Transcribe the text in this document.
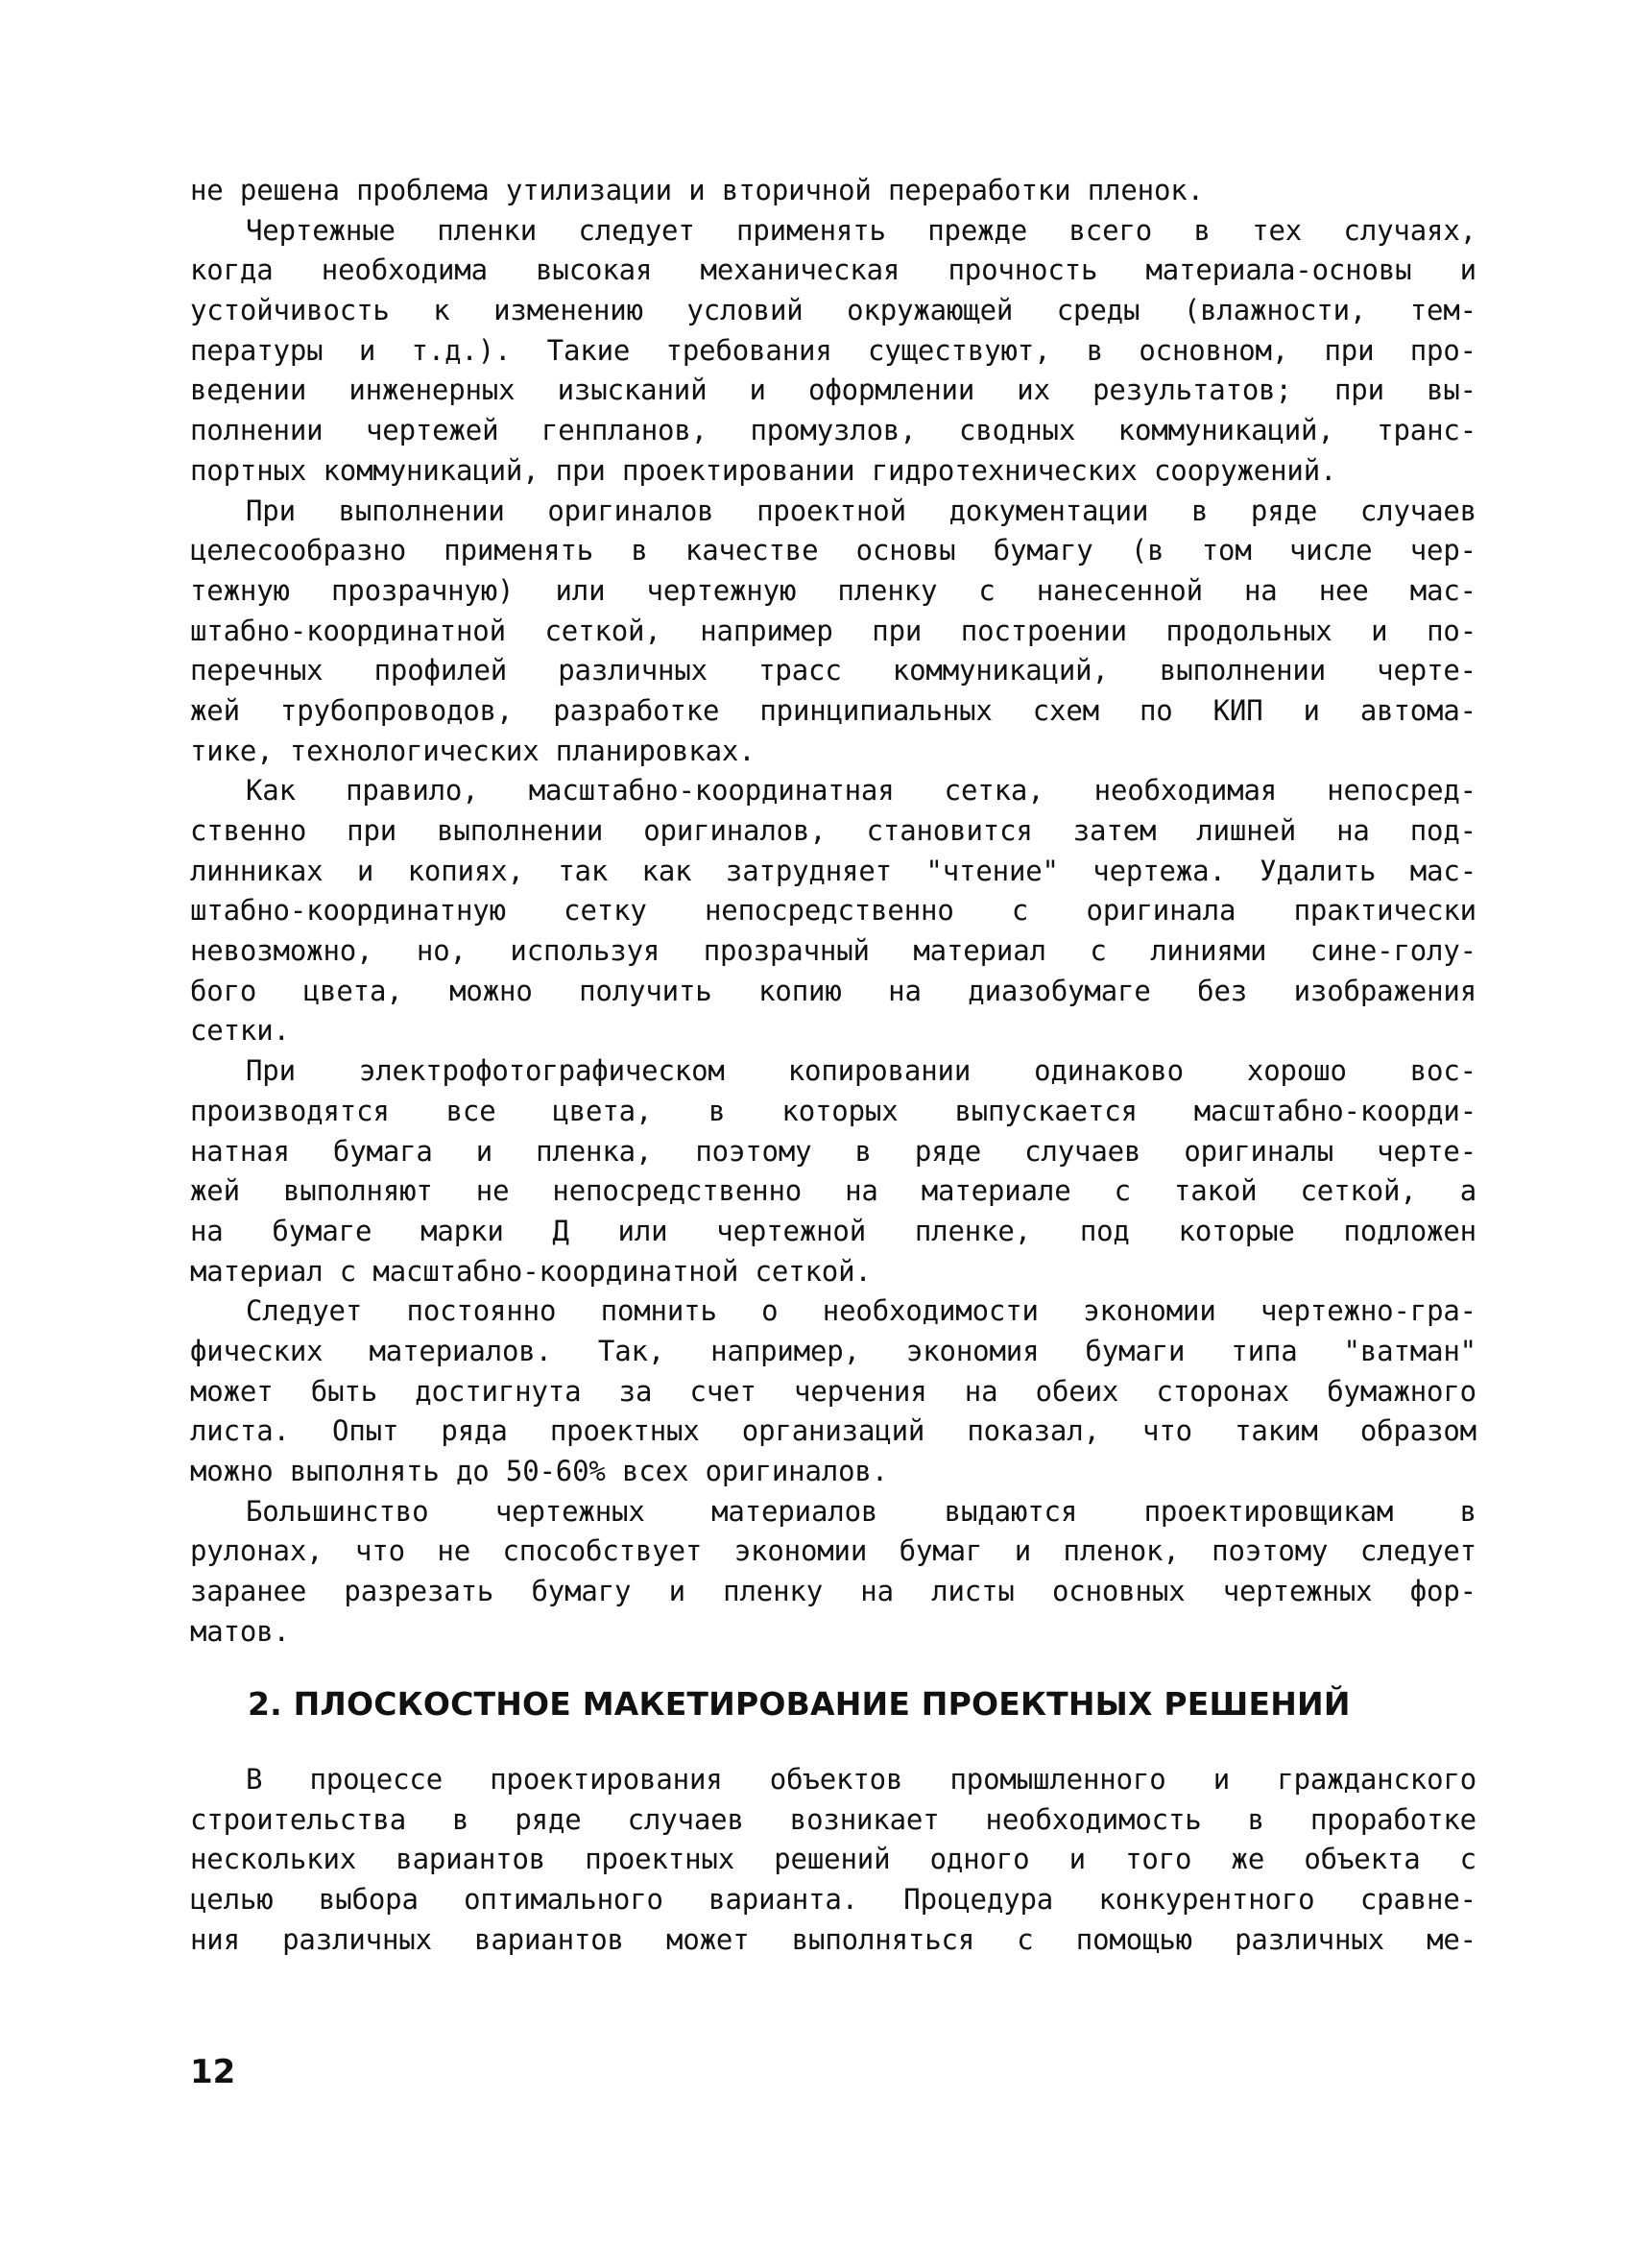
не решена проблема утилизации и вторичной переработки пленок.
Чертежные пленки следует применять прежде всего в тех случаях,
когда необходима высокая механическая прочность материала-основы и
устойчивость к изменению условий окружающей среды (влажности, тем-
пературы и т.д.). Такие требования существуют, в основном, при про-
ведении инженерных изысканий и оформлении их результатов; при вы-
полнении чертежей генпланов, промузлов, сводных коммуникаций, транс-
портных коммуникаций, при проектировании гидротехнических сооружений.
При выполнении оригиналов проектной документации в ряде случаев
целесообразно применять в качестве основы бумагу (в том числе чер-
тежную прозрачную) или чертежную пленку с нанесенной на нее мас-
штабно-координатной сеткой, например при построении продольных и по-
перечных профилей различных трасс коммуникаций, выполнении черте-
жей трубопроводов, разработке принципиальных схем по КИП и автома-
тике, технологических планировках.
Как правило, масштабно-координатная сетка, необходимая непосред-
ственно при выполнении оригиналов, становится затем лишней на под-
линниках и копиях, так как затрудняет "чтение" чертежа. Удалить мас-
штабно-координатную сетку непосредственно с оригинала практически
невозможно, но, используя прозрачный материал с линиями сине-голу-
бого цвета, можно получить копию на диазобумаге без изображения
сетки.
При электрофотографическом копировании одинаково хорошо вос-
производятся все цвета, в которых выпускается масштабно-коорди-
натная бумага и пленка, поэтому в ряде случаев оригиналы черте-
жей выполняют не непосредственно на материале с такой сеткой, а
на бумаге марки Д или чертежной пленке, под которые подложен
материал с масштабно-координатной сеткой.
Следует постоянно помнить о необходимости экономии чертежно-гра-
фических материалов. Так, например, экономия бумаги типа "ватман"
может быть достигнута за счет черчения на обеих сторонах бумажного
листа. Опыт ряда проектных организаций показал, что таким образом
можно выполнять до 50-60% всех оригиналов.
Большинство чертежных материалов выдаются проектировщикам в
рулонах, что не способствует экономии бумаг и пленок, поэтому следует
заранее разрезать бумагу и пленку на листы основных чертежных фор-
матов.
2. ПЛОСКОСТНОЕ МАКЕТИРОВАНИЕ ПРОЕКТНЫХ РЕШЕНИЙ
В процессе проектирования объектов промышленного и гражданского
строительства в ряде случаев возникает необходимость в проработке
нескольких вариантов проектных решений одного и того же объекта с
целью выбора оптимального варианта. Процедура конкурентного сравне-
ния различных вариантов может выполняться с помощью различных ме-
12
